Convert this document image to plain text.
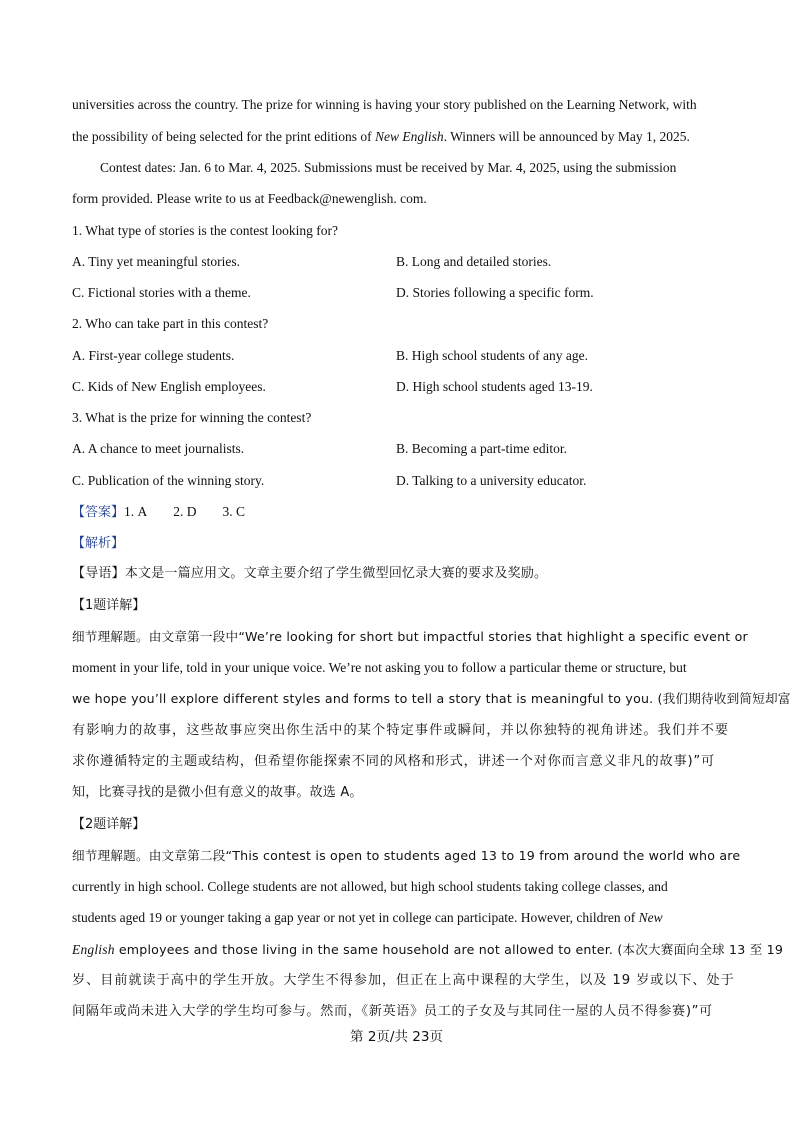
universities across the country. The prize for winning is having your story published on the Learning Network, with
the possibility of being selected for the print editions of New English. Winners will be announced by May 1, 2025.
Contest dates: Jan. 6 to Mar. 4, 2025. Submissions must be received by Mar. 4, 2025, using the submission
form provided. Please write to us at Feedback@newenglish. com.
1. What type of stories is the contest looking for?
A. Tiny yet meaningful stories.	B. Long and detailed stories.
C. Fictional stories with a theme.	D. Stories following a specific form.
2. Who can take part in this contest?
A. First-year college students.	B. High school students of any age.
C. Kids of New English employees.	D. High school students aged 13-19.
3. What is the prize for winning the contest?
A. A chance to meet journalists.	B. Becoming a part-time editor.
C. Publication of the winning story.	D. Talking to a university educator.
【答案】1. A 2. D 3. C
【解析】
【导语】本文是一篇应用文。文章主要介绍了学生微型回忆录大赛的要求及奖励。
【1题详解】
细节理解题。由文章第一段中“We’re looking for short but impactful stories that highlight a specific event or
moment in your life, told in your unique voice. We’re not asking you to follow a particular theme or structure, but
we hope you’ll explore different styles and forms to tell a story that is meaningful to you. (我们期待收到简短却富
有影响力的故事，这些故事应突出你生活中的某个特定事件或瞬间，并以你独特的视角讲述。我们并不要
求你遵循特定的主题或结构，但希望你能探索不同的风格和形式，讲述一个对你而言意义非凡的故事)”可
知，比赛寻找的是微小但有意义的故事。故选 A。
【2题详解】
细节理解题。由文章第二段“This contest is open to students aged 13 to 19 from around the world who are
currently in high school. College students are not allowed, but high school students taking college classes, and
students aged 19 or younger taking a gap year or not yet in college can participate. However, children of New
English employees and those living in the same household are not allowed to enter. (本次大赛面向全球 13 至 19
岁、目前就读于高中的学生开放。大学生不得参加，但正在上高中课程的大学生，以及 19 岁或以下、处于
间隔年或尚未进入大学的学生均可参与。然而，《新英语》员工的子女及与其同住一屋的人员不得参赛)”可
第 2页/共 23页
